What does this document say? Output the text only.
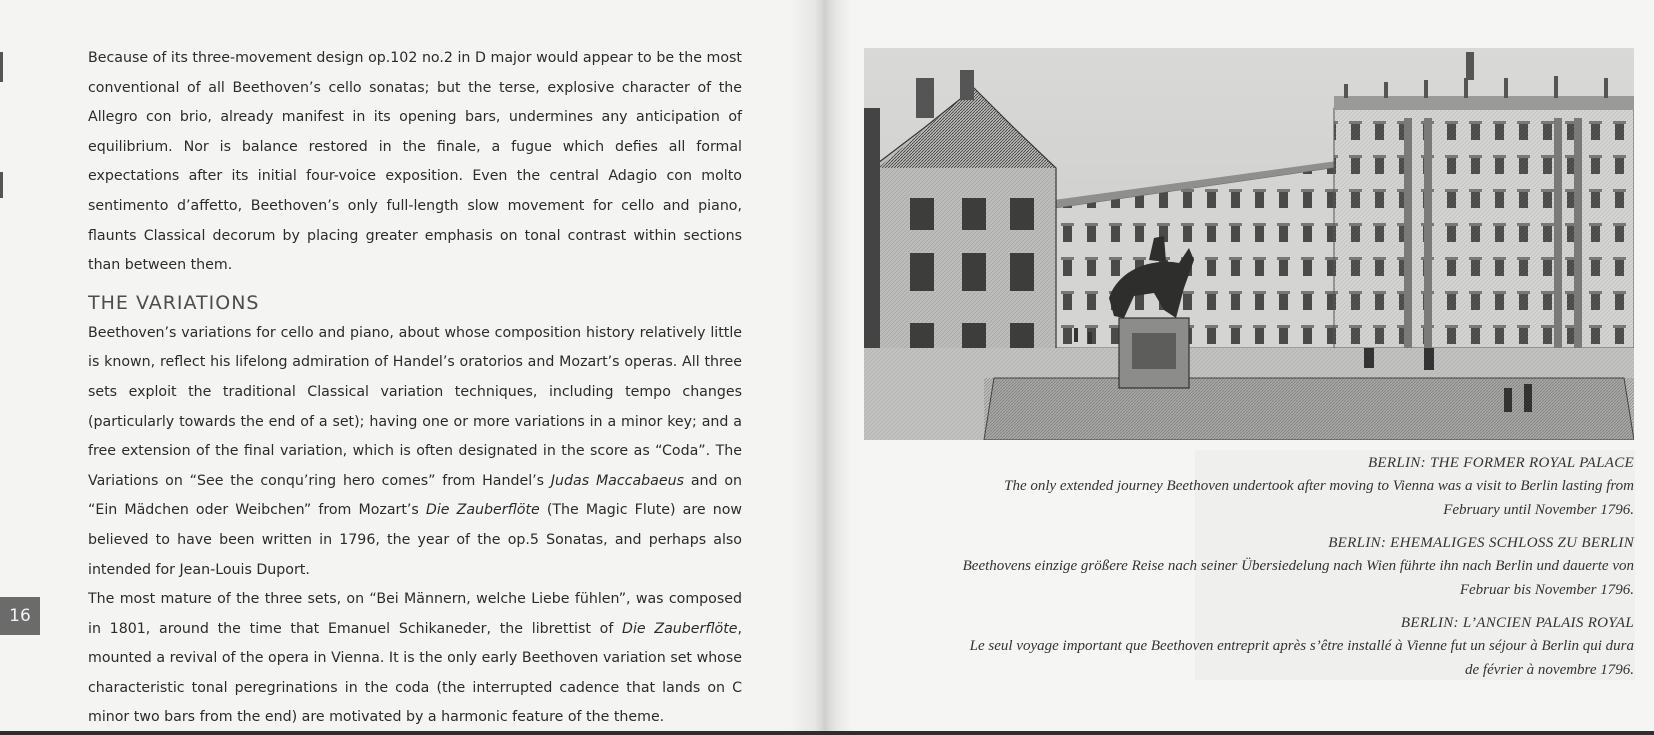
Because of its three-movement design op.102 no.2 in D major would appear to be the most conventional of all Beethoven’s cello sonatas; but the terse, explosive character of the Allegro con brio, already manifest in its opening bars, undermines any anticipation of equilibrium. Nor is balance restored in the finale, a fugue which defies all formal expectations after its initial four-voice exposition. Even the central Adagio con molto sentimento d’affetto, Beethoven’s only full-length slow movement for cello and piano, flaunts Classical decorum by placing greater emphasis on tonal contrast within sections than between them.

THE VARIATIONS

Beethoven’s variations for cello and piano, about whose composition history relatively little is known, reflect his lifelong admiration of Handel’s oratorios and Mozart’s operas. All three sets exploit the traditional Classical variation techniques, including tempo changes (particularly towards the end of a set); having one or more variations in a minor key; and a free extension of the final variation, which is often designated in the score as “Coda”. The Variations on “See the conqu’ring hero comes” from Handel’s Judas Maccabaeus and on “Ein Mädchen oder Weibchen” from Mozart’s Die Zauberflöte (The Magic Flute) are now believed to have been written in 1796, the year of the op.5 Sonatas, and perhaps also intended for Jean-Louis Duport.

The most mature of the three sets, on “Bei Männern, welche Liebe fühlen”, was composed in 1801, around the time that Emanuel Schikaneder, the librettist of Die Zauberflöte, mounted a revival of the opera in Vienna. It is the only early Beethoven variation set whose characteristic tonal peregrinations in the coda (the interrupted cadence that lands on C minor two bars from the end) are motivated by a harmonic feature of the theme.

16

BERLIN: THE FORMER ROYAL PALACE

The only extended journey Beethoven undertook after moving to Vienna was a visit to Berlin lasting from February until November 1796.

BERLIN: EHEMALIGES SCHLOSS ZU BERLIN

Beethovens einzige größere Reise nach seiner Übersiedelung nach Wien führte ihn nach Berlin und dauerte von Februar bis November 1796.

BERLIN: L’ANCIEN PALAIS ROYAL

Le seul voyage important que Beethoven entreprit après s’être installé à Vienne fut un séjour à Berlin qui dura de février à novembre 1796.
